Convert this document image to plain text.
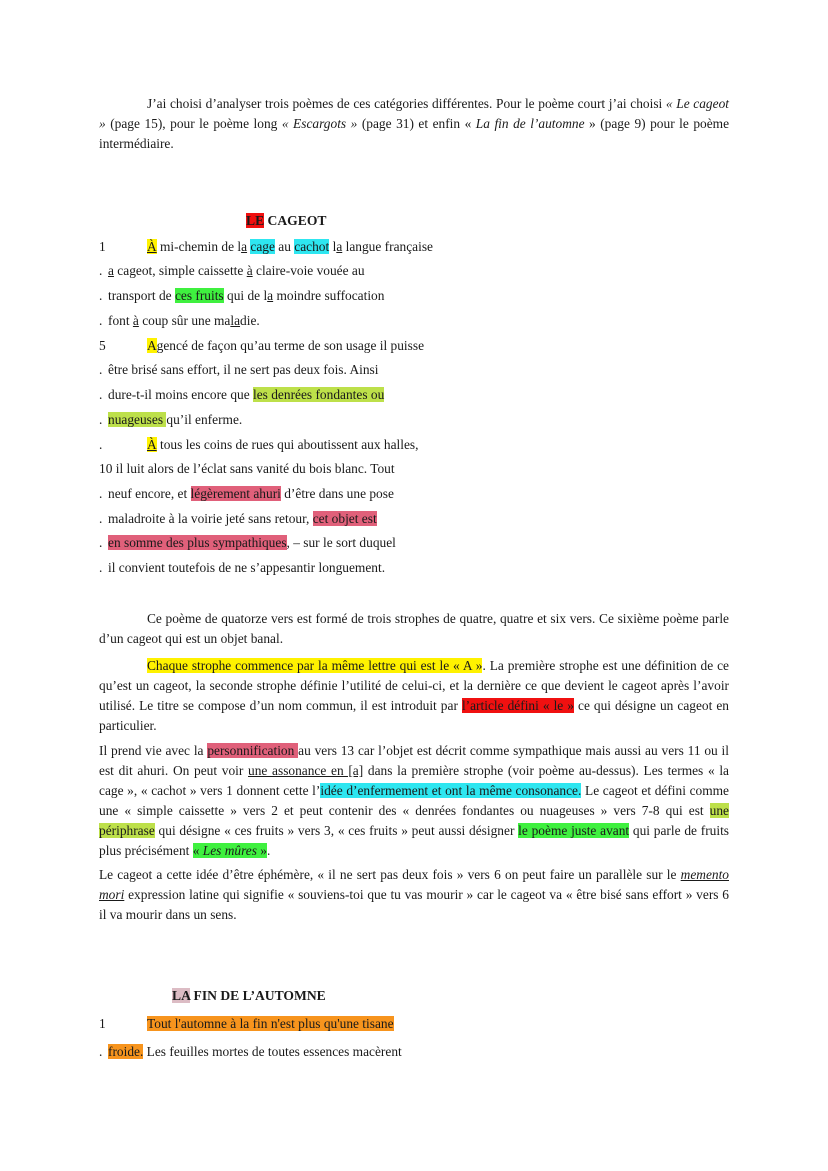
J’ai choisi d’analyser trois poèmes de ces catégories différentes. Pour le poème court j’ai choisi « Le cageot » (page 15), pour le poème long « Escargots » (page 31) et enfin « La fin de l’automne » (page 9) pour le poème intermédiaire.

LE CAGEOT

1	À mi-chemin de la cage au cachot la langue française

. a cageot, simple caissette à claire-voie vouée au

. transport de ces fruits qui de la moindre suffocation

. font à coup sûr une maladie.

5	Agencé de façon qu’au terme de son usage il puisse

. être brisé sans effort, il ne sert pas deux fois. Ainsi

. dure-t-il moins encore que les denrées fondantes ou

. nuageuses qu’il enferme.

.	À tous les coins de rues qui aboutissent aux halles,

10 il luit alors de l’éclat sans vanité du bois blanc. Tout

. neuf encore, et légèrement ahuri d’être dans une pose

. maladroite à la voirie jeté sans retour, cet objet est

. en somme des plus sympathiques, – sur le sort duquel

. il convient toutefois de ne s’appesantir longuement.

Ce poème de quatorze vers est formé de trois strophes de quatre, quatre et six vers. Ce sixième poème parle d’un cageot qui est un objet banal.

Chaque strophe commence par la même lettre qui est le « A ». La première strophe est une définition de ce qu’est un cageot, la seconde strophe définie l’utilité de celui-ci, et la dernière ce que devient le cageot après l’avoir utilisé. Le titre se compose d’un nom commun, il est introduit par l’article défini « le » ce qui désigne un cageot en particulier.

Il prend vie avec la personnification au vers 13 car l’objet est décrit comme sympathique mais aussi au vers 11 ou il est dit ahuri. On peut voir une assonance en [a] dans la première strophe (voir poème au-dessus). Les termes « la cage », « cachot » vers 1 donnent cette l’idée d’enfermement et ont la même consonance. Le cageot et défini comme une « simple caissette » vers 2 et peut contenir des « denrées fondantes ou nuageuses » vers 7-8 qui est une périphrase qui désigne « ces fruits » vers 3, « ces fruits » peut aussi désigner le poème juste avant qui parle de fruits plus précisément « Les mûres ».

Le cageot a cette idée d’être éphémère, « il ne sert pas deux fois » vers 6 on peut faire un parallèle sur le memento mori expression latine qui signifie « souviens-toi que tu vas mourir » car le cageot va « être bisé sans effort » vers 6 il va mourir dans un sens.

LA FIN DE L’AUTOMNE

1	Tout l'automne à la fin n'est plus qu'une tisane

. froide. Les feuilles mortes de toutes essences macèrent
